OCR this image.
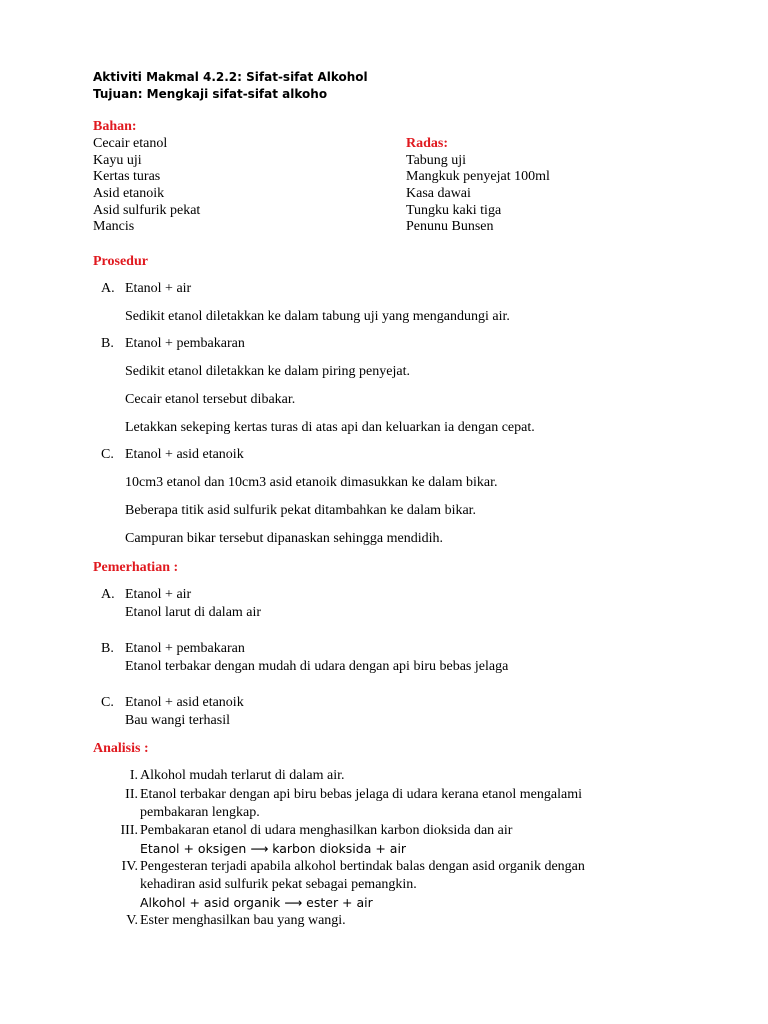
Aktiviti Makmal 4.2.2: Sifat-sifat Alkohol
Tujuan: Mengkaji sifat-sifat alkoho
Bahan:
Cecair etanol
Kayu uji
Kertas turas
Asid etanoik
Asid sulfurik pekat
Mancis
Radas:
Tabung uji
Mangkuk penyejat 100ml
Kasa dawai
Tungku kaki tiga
Penunu Bunsen
Prosedur
A. Etanol + air
Sedikit etanol diletakkan ke dalam tabung uji yang mengandungi air.
B. Etanol + pembakaran
Sedikit etanol diletakkan ke dalam piring penyejat.
Cecair etanol tersebut dibakar.
Letakkan sekeping kertas turas di atas api dan keluarkan ia dengan cepat.
C. Etanol + asid etanoik
10cm3 etanol dan 10cm3 asid etanoik dimasukkan ke dalam bikar.
Beberapa titik asid sulfurik pekat ditambahkan ke dalam bikar.
Campuran bikar tersebut dipanaskan sehingga mendidih.
Pemerhatian :
A. Etanol + air
Etanol larut di dalam air
B. Etanol + pembakaran
Etanol terbakar dengan mudah di udara dengan api biru bebas jelaga
C. Etanol + asid etanoik
Bau wangi terhasil
Analisis :
I. Alkohol mudah terlarut di dalam air.
II. Etanol terbakar dengan api biru bebas jelaga di udara kerana etanol mengalami
pembakaran lengkap.
III. Pembakaran etanol di udara menghasilkan karbon dioksida dan air
Etanol + oksigen ⟶ karbon dioksida + air
IV. Pengesteran terjadi apabila alkohol bertindak balas dengan asid organik dengan
kehadiran asid sulfurik pekat sebagai pemangkin.
Alkohol + asid organik ⟶ ester + air
V. Ester menghasilkan bau yang wangi.
